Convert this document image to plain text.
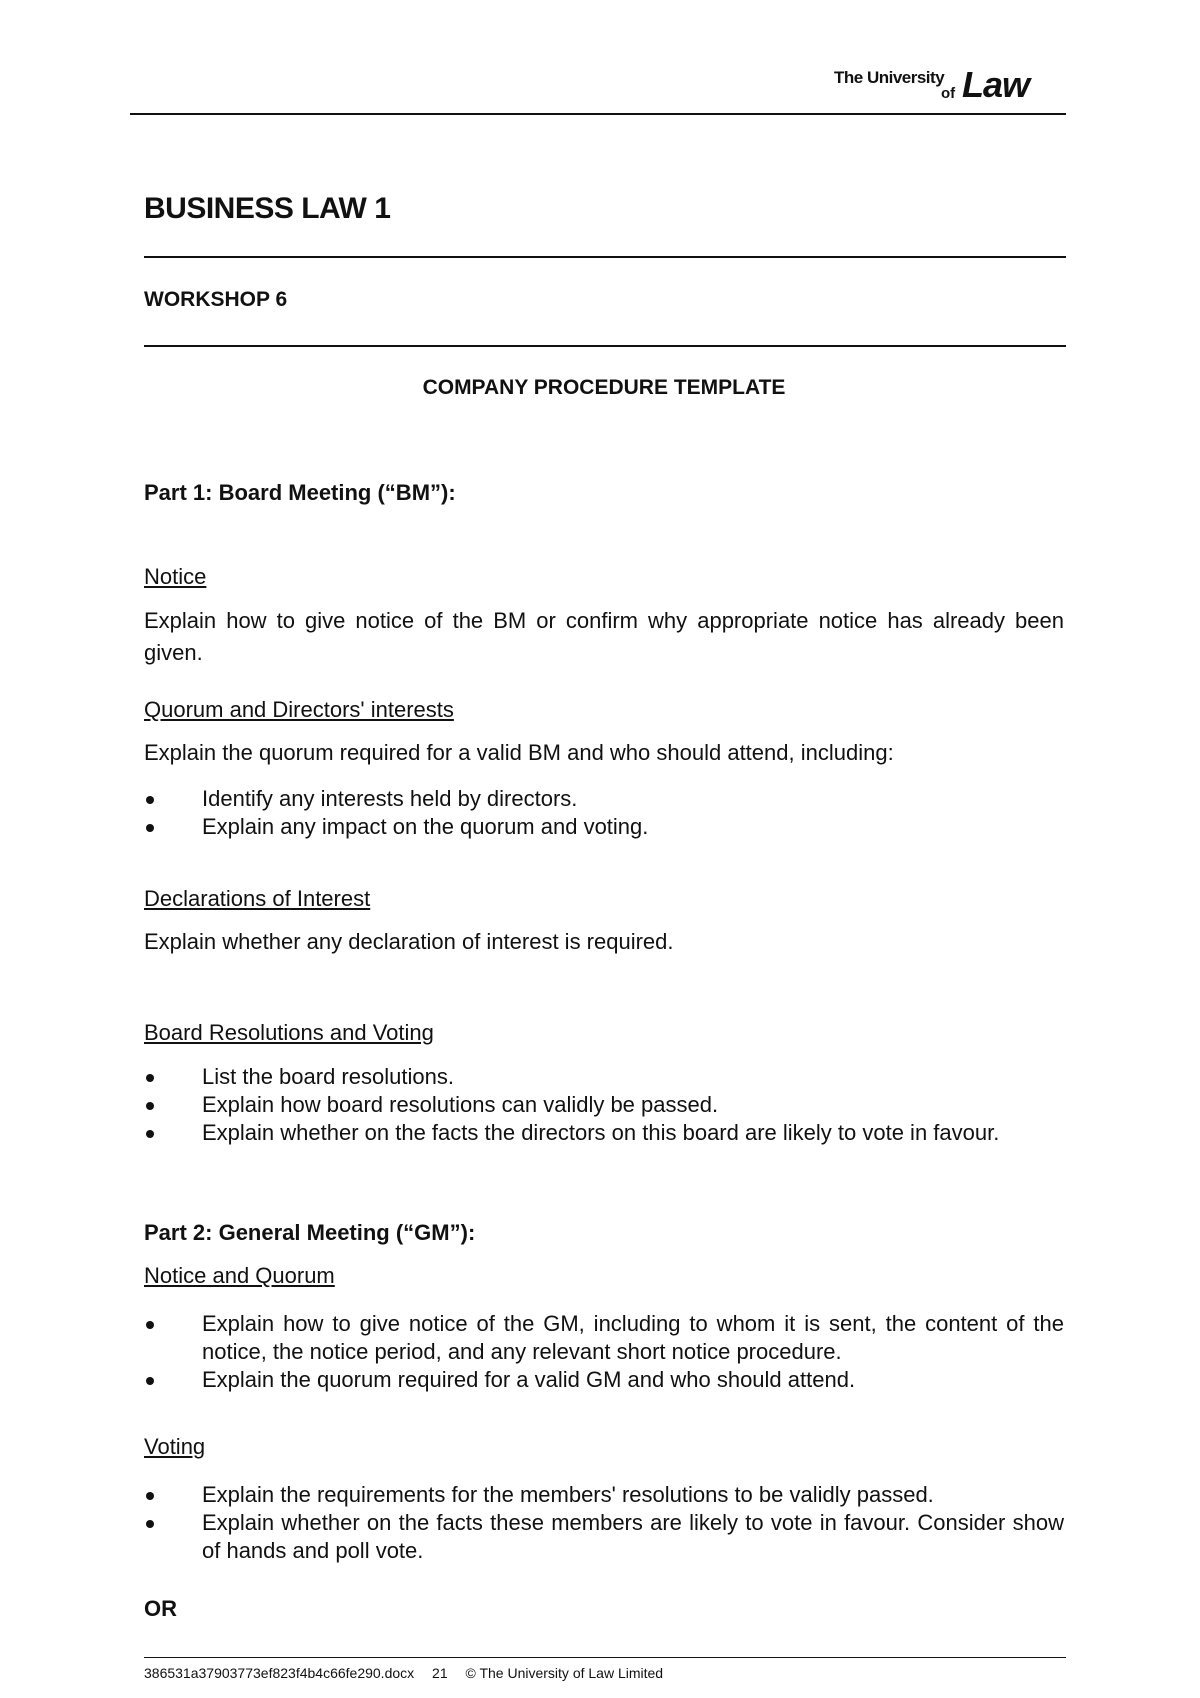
The University
of Law
BUSINESS LAW 1
WORKSHOP 6
COMPANY PROCEDURE TEMPLATE
Part 1: Board Meeting (“BM”):
Notice
Explain how to give notice of the BM or confirm why appropriate notice has already been given.
Quorum and Directors' interests
Explain the quorum required for a valid BM and who should attend, including:
Identify any interests held by directors.
Explain any impact on the quorum and voting.
Declarations of Interest
Explain whether any declaration of interest is required.
Board Resolutions and Voting
List the board resolutions.
Explain how board resolutions can validly be passed.
Explain whether on the facts the directors on this board are likely to vote in favour.
Part 2: General Meeting (“GM”):
Notice and Quorum
Explain how to give notice of the GM, including to whom it is sent, the content of the notice, the notice period, and any relevant short notice procedure.
Explain the quorum required for a valid GM and who should attend.
Voting
Explain the requirements for the members' resolutions to be validly passed.
Explain whether on the facts these members are likely to vote in favour. Consider show of hands and poll vote.
OR
386531a37903773ef823f4b4c66fe290.docx 21 © The University of Law Limited
